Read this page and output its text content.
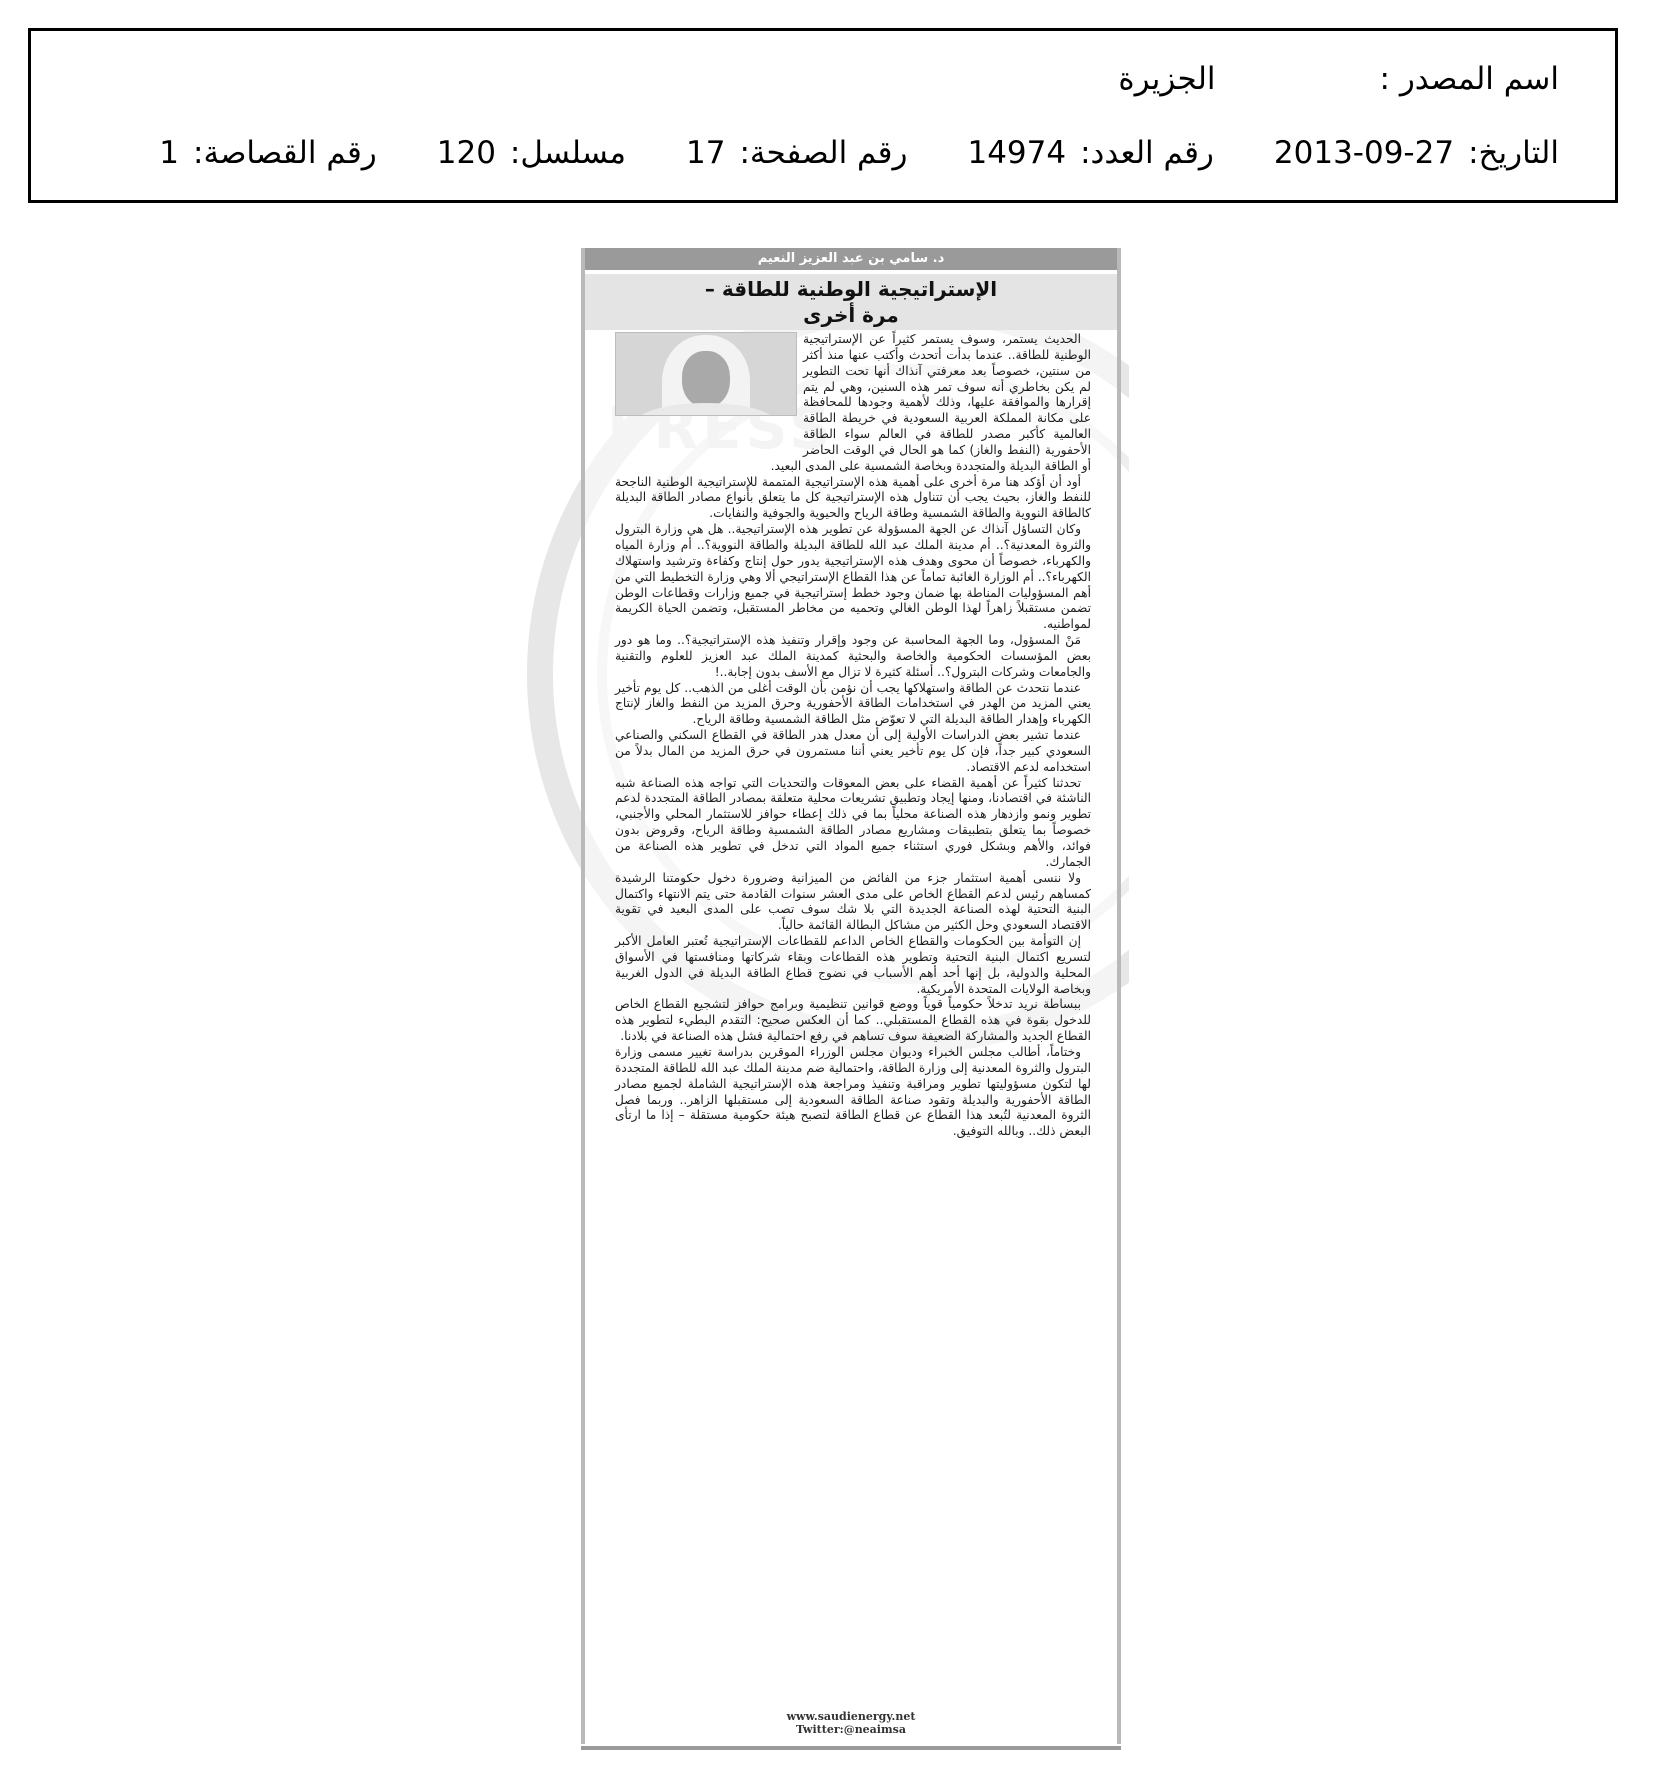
اسم المصدر :
الجزيرة
التاريخ:
2013-09-27
رقم العدد:
14974
رقم الصفحة:
17
مسلسل:
120
رقم القصاصة:
1
د. سامي بن عبد العزيز النعيم
الإستراتيجية الوطنية للطاقة –
مرة أخرى

الحديث يستمر، وسوف يستمر كثيراً عن الإستراتيجية الوطنية للطاقة.. عندما بدأت أتحدث وأكتب عنها منذ أكثر من سنتين، خصوصاً بعد معرفتي آنذاك أنها تحت التطوير لم يكن بخاطري أنه سوف تمر هذه السنين، وهي لم يتم إقرارها والموافقة عليها، وذلك لأهمية وجودها للمحافظة على مكانة المملكة العربية السعودية في خريطة الطاقة العالمية كأكبر مصدر للطاقة في العالم سواء الطاقة الأحفورية (النفط والغاز) كما هو الحال في الوقت الحاضر أو الطاقة البديلة والمتجددة وبخاصة الشمسية على المدى البعيد.

أود أن أؤكد هنا مرة أخرى على أهمية هذه الإستراتيجية المتممة للإستراتيجية الوطنية الناجحة للنفط والغاز، بحيث يجب أن تتناول هذه الإستراتيجية كل ما يتعلق بأنواع مصادر الطاقة البديلة كالطاقة النووية والطاقة الشمسية وطاقة الرياح والحيوية والجوفية والنفايات.

وكان التساؤل آنذاك عن الجهة المسؤولة عن تطوير هذه الإستراتيجية.. هل هي وزارة البترول والثروة المعدنية؟.. أم مدينة الملك عبد الله للطاقة البديلة والطاقة النووية؟.. أم وزارة المياه والكهرباء، خصوصاً أن محوى وهدف هذه الإستراتيجية يدور حول إنتاج وكفاءة وترشيد واستهلاك الكهرباء؟.. أم الوزارة الغائبة تماماً عن هذا القطاع الإستراتيجي ألا وهي وزارة التخطيط التي من أهم المسؤوليات المناطة بها ضمان وجود خطط إستراتيجية في جميع وزارات وقطاعات الوطن تضمن مستقبلاً زاهراً لهذا الوطن الغالي وتحميه من مخاطر المستقبل، وتضمن الحياة الكريمة لمواطنيه.

مَنْ المسؤول، وما الجهة المحاسبة عن وجود وإقرار وتنفيذ هذه الإستراتيجية؟.. وما هو دور بعض المؤسسات الحكومية والخاصة والبحثية كمدينة الملك عبد العزيز للعلوم والتقنية والجامعات وشركات البترول؟.. أسئلة كثيرة لا تزال مع الأسف بدون إجابة..!

عندما نتحدث عن الطاقة واستهلاكها يجب أن نؤمن بأن الوقت أغلى من الذهب.. كل يوم تأخير يعني المزيد من الهدر في استخدامات الطاقة الأحفورية وحرق المزيد من النفط والغاز لإنتاج الكهرباء وإهدار الطاقة البديلة التي لا تعوّض مثل الطاقة الشمسية وطاقة الرياح.

عندما تشير بعض الدراسات الأولية إلى أن معدل هدر الطاقة في القطاع السكني والصناعي السعودي كبير جداً، فإن كل يوم تأخير يعني أننا مستمرون في حرق المزيد من المال بدلاً من استخدامه لدعم الاقتصاد.

تحدثنا كثيراً عن أهمية القضاء على بعض المعوقات والتحديات التي تواجه هذه الصناعة شبه الناشئة في اقتصادنا، ومنها إيجاد وتطبيق تشريعات محلية متعلقة بمصادر الطاقة المتجددة لدعم تطوير ونمو وازدهار هذه الصناعة محلياً بما في ذلك إعطاء حوافز للاستثمار المحلي والأجنبي، خصوصاً بما يتعلق بتطبيقات ومشاريع مصادر الطاقة الشمسية وطاقة الرياح، وقروض بدون فوائد، والأهم وبشكل فوري استثناء جميع المواد التي تدخل في تطوير هذه الصناعة من الجمارك.

ولا ننسى أهمية استثمار جزء من الفائض من الميزانية وضرورة دخول حكومتنا الرشيدة كمساهم رئيس لدعم القطاع الخاص على مدى العشر سنوات القادمة حتى يتم الانتهاء واكتمال البنية التحتية لهذه الصناعة الجديدة التي بلا شك سوف تصب على المدى البعيد في تقوية الاقتصاد السعودي وحل الكثير من مشاكل البطالة القائمة حالياً.

إن التوأمة بين الحكومات والقطاع الخاص الداعم للقطاعات الإستراتيجية تُعتبر العامل الأكبر لتسريع اكتمال البنية التحتية وتطوير هذه القطاعات وبقاء شركاتها ومنافستها في الأسواق المحلية والدولية، بل إنها أحد أهم الأسباب في نضوج قطاع الطاقة البديلة في الدول الغربية وبخاصة الولايات المتحدة الأمريكية.

ببساطة نريد تدخلاً حكومياً قوياً ووضع قوانين تنظيمية وبرامج حوافز لتشجيع القطاع الخاص للدخول بقوة في هذه القطاع المستقبلي.. كما أن العكس صحيح: التقدم البطيء لتطوير هذه القطاع الجديد والمشاركة الضعيفة سوف تساهم في رفع احتمالية فشل هذه الصناعة في بلادنا.

وختاماً، أطالب مجلس الخبراء وديوان مجلس الوزراء الموقرين بدراسة تغيير مسمى وزارة البترول والثروة المعدنية إلى وزارة الطاقة، واحتمالية ضم مدينة الملك عبد الله للطاقة المتجددة لها لتكون مسؤوليتها تطوير ومراقبة وتنفيذ ومراجعة هذه الإستراتيجية الشاملة لجميع مصادر الطاقة الأحفورية والبديلة وتقود صناعة الطاقة السعودية إلى مستقبلها الزاهر.. وربما فصل الثروة المعدنية لتُبعد هذا القطاع عن قطاع الطاقة لتصبح هيئة حكومية مستقلة – إذا ما ارتأى البعض ذلك.. وبالله التوفيق.

www.saudienergy.net
Twitter:@neaimsa
